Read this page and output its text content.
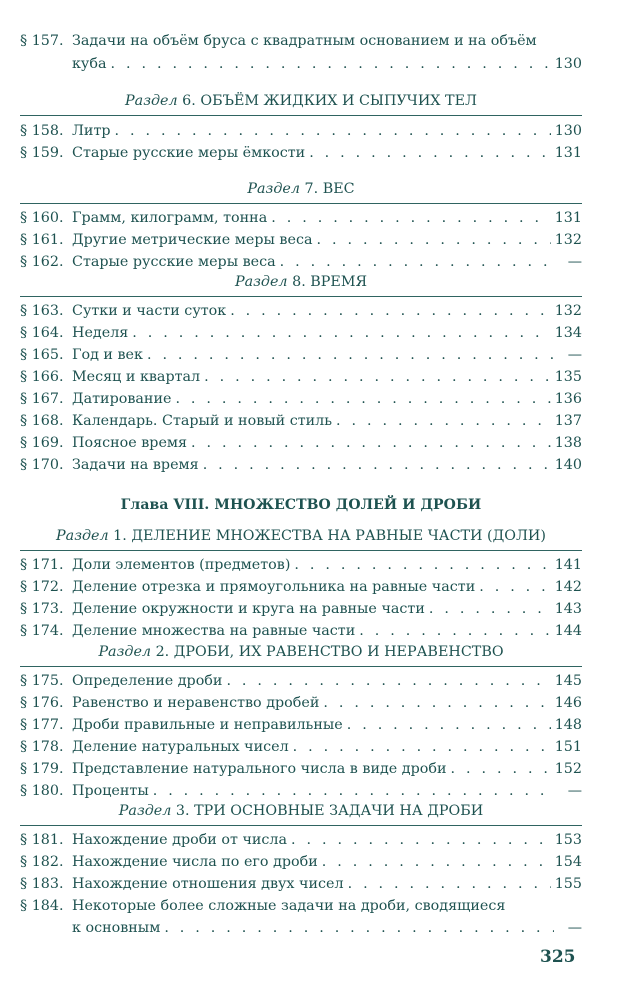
§ 157. Задачи на объём бруса с квадратным основанием и на объём
куба . . .	130
Раздел 6. ОБЪЁМ ЖИДКИХ И СЫПУЧИХ ТЕЛ
§ 158. Литр . . .	130
§ 159. Старые русские меры ёмкости . . .	131
Раздел 7. ВЕС
§ 160. Грамм, килограмм, тонна . . .	131
§ 161. Другие метрические меры веса . . .	132
§ 162. Старые русские меры веса . . .	—
Раздел 8. ВРЕМЯ
§ 163. Сутки и части суток . . .	132
§ 164. Неделя . . .	134
§ 165. Год и век . . .	—
§ 166. Месяц и квартал . . .	135
§ 167. Датирование . . .	136
§ 168. Календарь. Старый и новый стиль . . .	137
§ 169. Поясное время . . .	138
§ 170. Задачи на время . . .	140
Глава VIII. МНОЖЕСТВО ДОЛЕЙ И ДРОБИ
Раздел 1. ДЕЛЕНИЕ МНОЖЕСТВА НА РАВНЫЕ ЧАСТИ (ДОЛИ)
§ 171. Доли элементов (предметов) . . .	141
§ 172. Деление отрезка и прямоугольника на равные части . . .	142
§ 173. Деление окружности и круга на равные части . . .	143
§ 174. Деление множества на равные части . . .	144
Раздел 2. ДРОБИ, ИХ РАВЕНСТВО И НЕРАВЕНСТВО
§ 175. Определение дроби . . .	145
§ 176. Равенство и неравенство дробей . . .	146
§ 177. Дроби правильные и неправильные . . .	148
§ 178. Деление натуральных чисел . . .	151
§ 179. Представление натурального числа в виде дроби . . .	152
§ 180. Проценты . . .	—
Раздел 3. ТРИ ОСНОВНЫЕ ЗАДАЧИ НА ДРОБИ
§ 181. Нахождение дроби от числа . . .	153
§ 182. Нахождение числа по его дроби . . .	154
§ 183. Нахождение отношения двух чисел . . .	155
§ 184. Некоторые более сложные задачи на дроби, сводящиеся
к основным . . .	—
325
